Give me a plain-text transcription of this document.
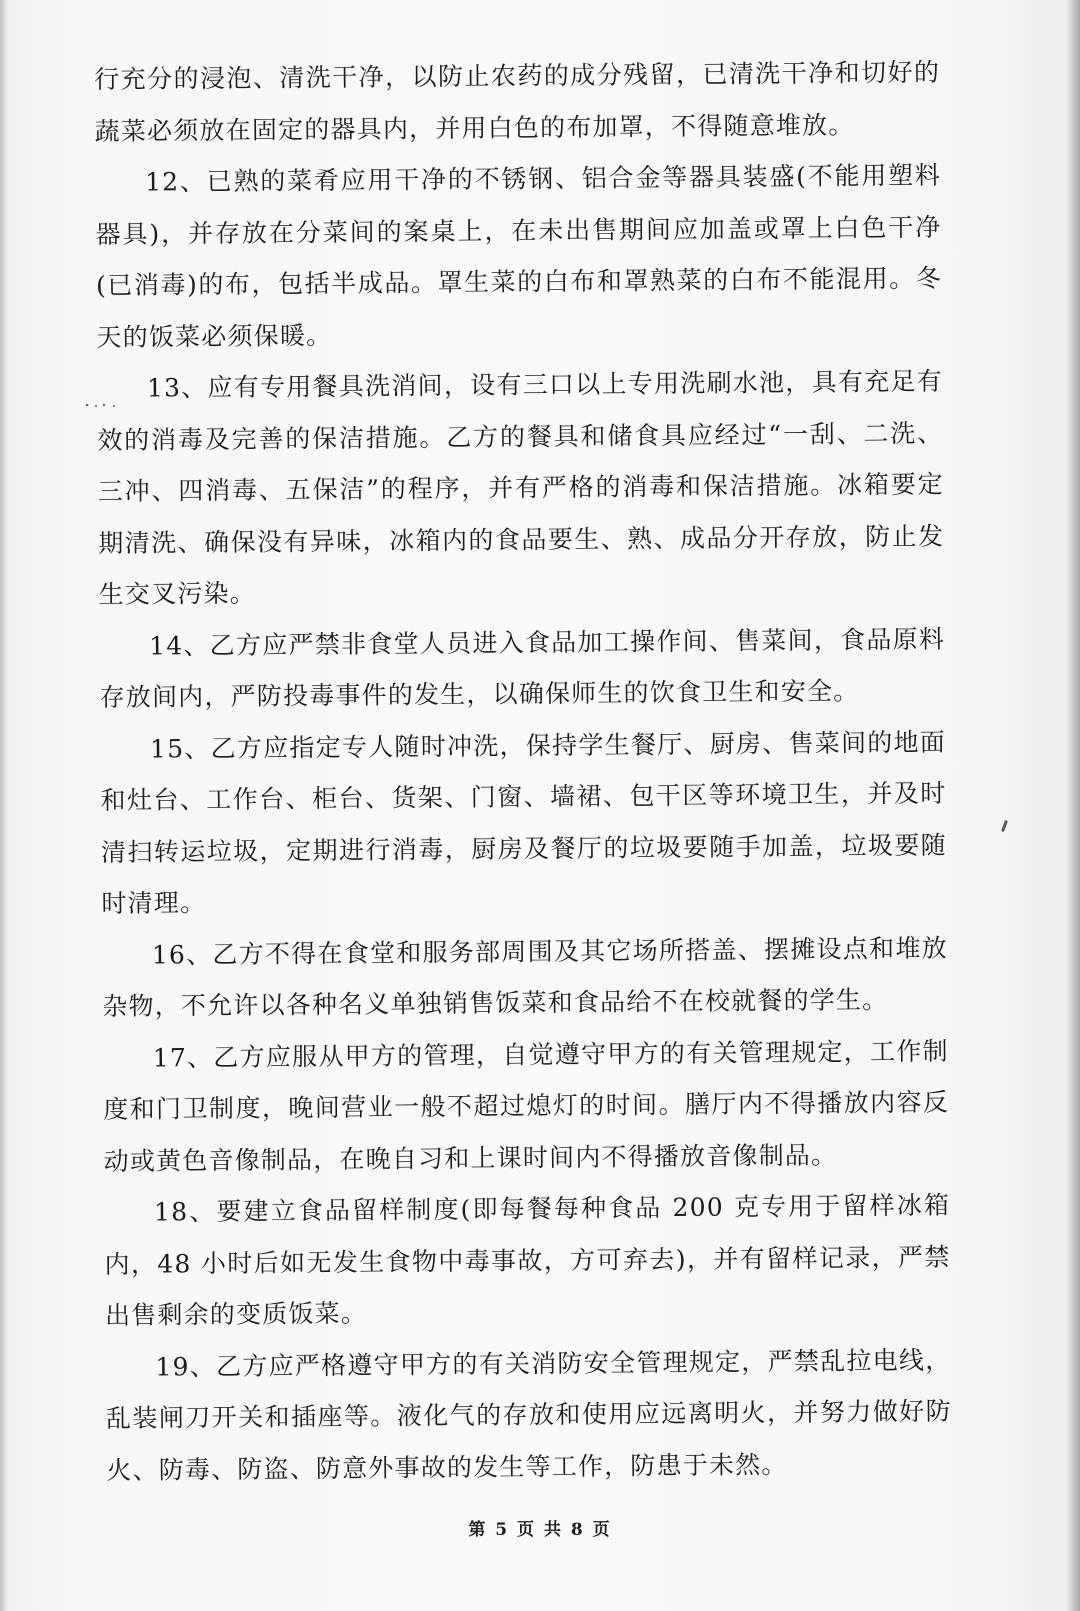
行充分的浸泡、清洗干净，以防止农药的成分残留，已清洗干净和切好的蔬菜必须放在固定的器具内，并用白色的布加罩，不得随意堆放。

12、已熟的菜肴应用干净的不锈钢、铝合金等器具装盛(不能用塑料器具)，并存放在分菜间的案桌上，在未出售期间应加盖或罩上白色干净(已消毒)的布，包括半成品。罩生菜的白布和罩熟菜的白布不能混用。冬天的饭菜必须保暖。

13、应有专用餐具洗消间，设有三口以上专用洗刷水池，具有充足有效的消毒及完善的保洁措施。乙方的餐具和储食具应经过“一刮、二洗、三冲、四消毒、五保洁”的程序，并有严格的消毒和保洁措施。冰箱要定期清洗、确保没有异味，冰箱内的食品要生、熟、成品分开存放，防止发生交叉污染。

14、乙方应严禁非食堂人员进入食品加工操作间、售菜间，食品原料存放间内，严防投毒事件的发生，以确保师生的饮食卫生和安全。

15、乙方应指定专人随时冲洗，保持学生餐厅、厨房、售菜间的地面和灶台、工作台、柜台、货架、门窗、墙裙、包干区等环境卫生，并及时清扫转运垃圾，定期进行消毒，厨房及餐厅的垃圾要随手加盖，垃圾要随时清理。

16、乙方不得在食堂和服务部周围及其它场所搭盖、摆摊设点和堆放杂物，不允许以各种名义单独销售饭菜和食品给不在校就餐的学生。

17、乙方应服从甲方的管理，自觉遵守甲方的有关管理规定，工作制度和门卫制度，晚间营业一般不超过熄灯的时间。膳厅内不得播放内容反动或黄色音像制品，在晚自习和上课时间内不得播放音像制品。

18、要建立食品留样制度(即每餐每种食品 200 克专用于留样冰箱内，48 小时后如无发生食物中毒事故，方可弃去)，并有留样记录，严禁出售剩余的变质饭菜。

19、乙方应严格遵守甲方的有关消防安全管理规定，严禁乱拉电线，乱装闸刀开关和插座等。液化气的存放和使用应远离明火，并努力做好防火、防毒、防盗、防意外事故的发生等工作，防患于未然。

第 5 页 共 8 页
